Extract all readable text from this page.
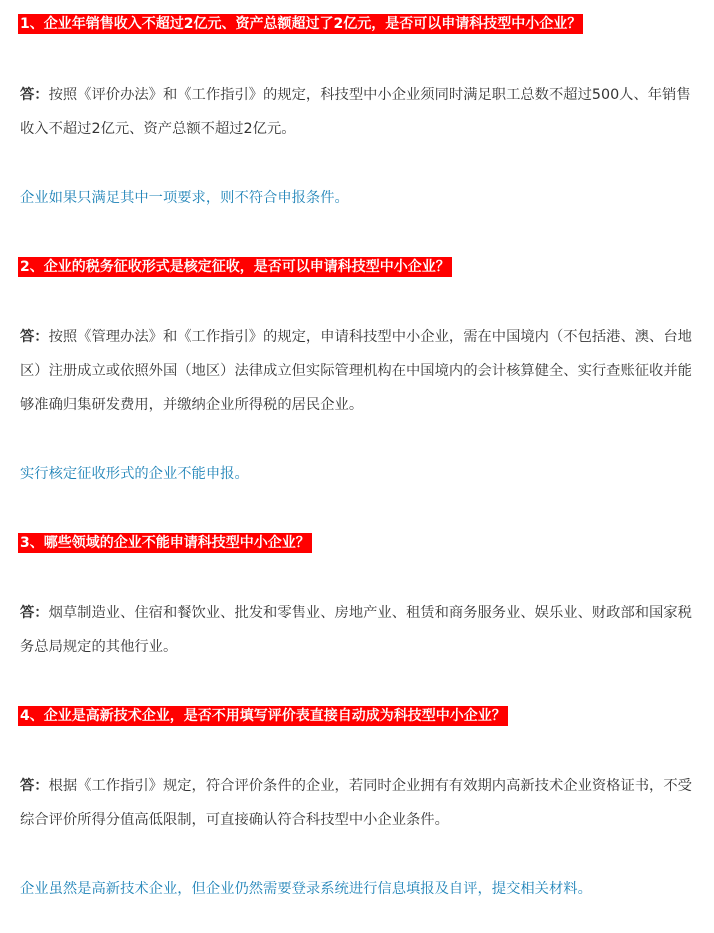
1、企业年销售收入不超过2亿元、资产总额超过了2亿元，是否可以申请科技型中小企业？

答：按照《评价办法》和《工作指引》的规定，科技型中小企业须同时满足职工总数不超过500人、年销售收入不超过2亿元、资产总额不超过2亿元。

企业如果只满足其中一项要求，则不符合申报条件。

2、企业的税务征收形式是核定征收，是否可以申请科技型中小企业？

答：按照《管理办法》和《工作指引》的规定，申请科技型中小企业，需在中国境内（不包括港、澳、台地区）注册成立或依照外国（地区）法律成立但实际管理机构在中国境内的会计核算健全、实行查账征收并能够准确归集研发费用，并缴纳企业所得税的居民企业。

实行核定征收形式的企业不能申报。

3、哪些领域的企业不能申请科技型中小企业？

答：烟草制造业、住宿和餐饮业、批发和零售业、房地产业、租赁和商务服务业、娱乐业、财政部和国家税务总局规定的其他行业。

4、企业是高新技术企业，是否不用填写评价表直接自动成为科技型中小企业？

答：根据《工作指引》规定，符合评价条件的企业，若同时企业拥有有效期内高新技术企业资格证书，不受综合评价所得分值高低限制，可直接确认符合科技型中小企业条件。

企业虽然是高新技术企业，但企业仍然需要登录系统进行信息填报及自评，提交相关材料。
